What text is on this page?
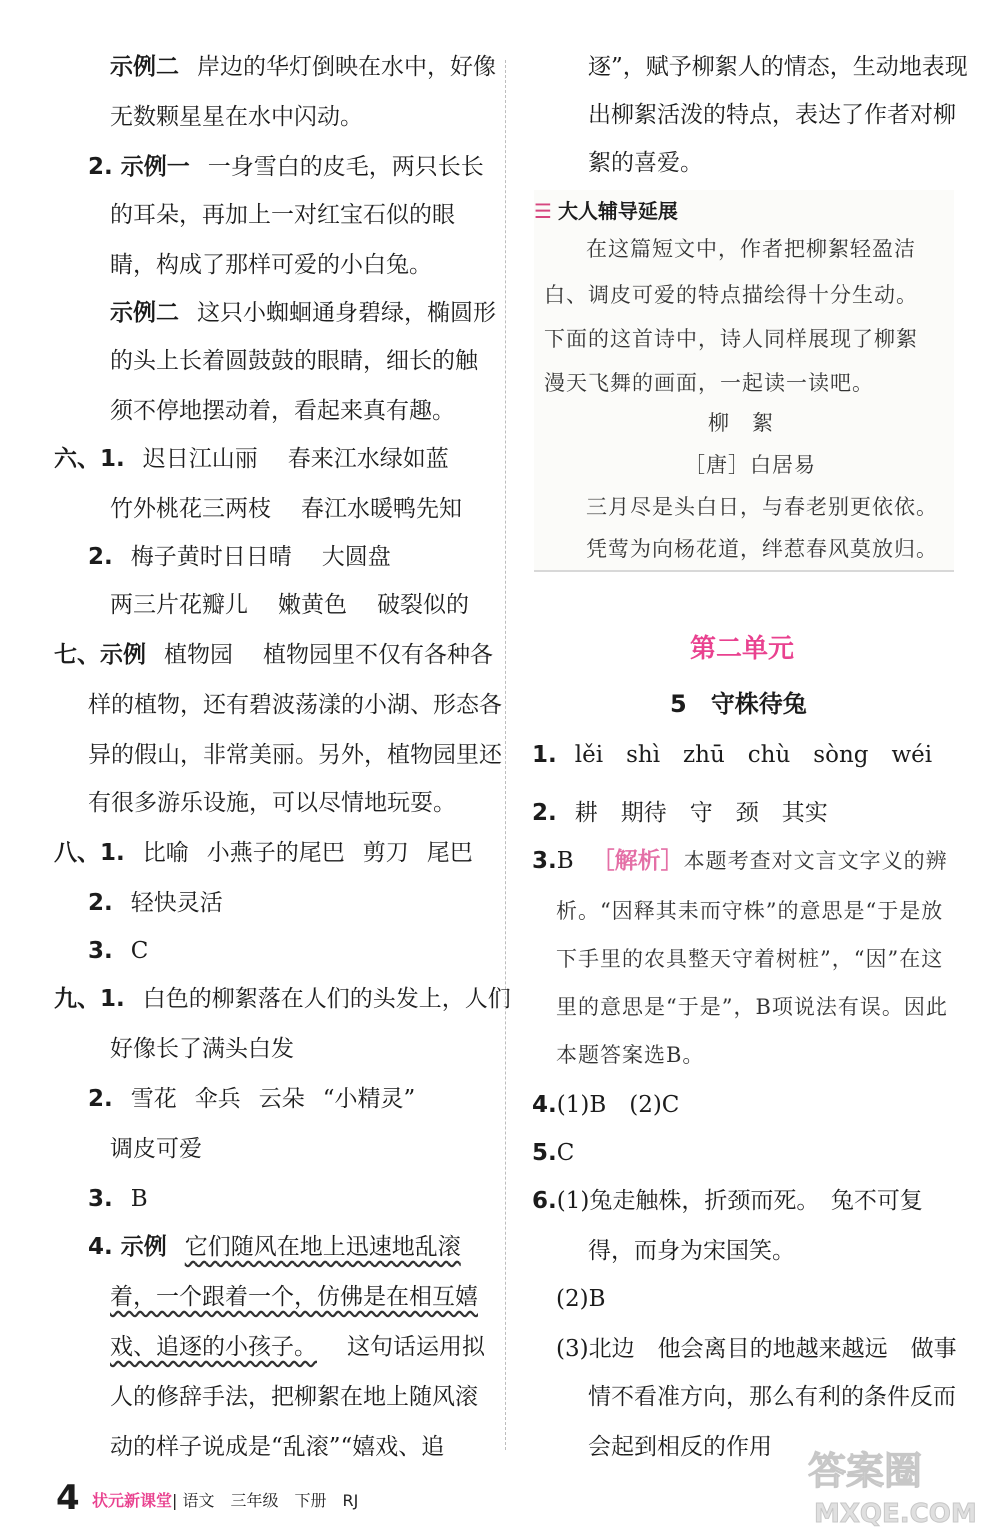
示例二 岸边的华灯倒映在水中，好像
无数颗星星在水中闪动。
2. 示例一 一身雪白的皮毛，两只长长
的耳朵，再加上一对红宝石似的眼
睛，构成了那样可爱的小白兔。
示例二 这只小蜘蛔通身碧绿，椭圆形
的头上长着圆鼓鼓的眼睛，细长的触
须不停地摆动着，看起来真有趣。
六、1. 迟日江山丽 春来江水绿如蓝
竹外桃花三两枝 春江水暖鸭先知
2. 梅子黄时日日晴 大圆盘
两三片花瓣儿 嫩黄色 破裂似的
七、示例 植物园 植物园里不仅有各种各
样的植物，还有碧波荡漾的小湖、形态各
异的假山，非常美丽。另外，植物园里还
有很多游乐设施，可以尽情地玩耍。
八、1. 比喻 小燕子的尾巴 剪刀 尾巴
2. 轻快灵活
3. C
九、1. 白色的柳絮落在人们的头发上，人们
好像长了满头白发
2. 雪花 伞兵 云朵 “小精灵”
调皮可爱
3. B
4. 示例 它们随风在地上迅速地乱滚
着，一个跟着一个，仿佛是在相互嬉
戏、追逐的小孩子。 这句话运用拟
人的修辞手法，把柳絮在地上随风滚
动的样子说成是“乱滚”“嬉戏、追
逐”，赋予柳絮人的情态，生动地表现
出柳絮活泼的特点，表达了作者对柳
絮的喜爱。
☰ 大人辅导延展
在这篇短文中，作者把柳絮轻盈洁
白、调皮可爱的特点描绘得十分生动。
下面的这首诗中，诗人同样展现了柳絮
漫天飞舞的画面，一起读一读吧。
柳　絮
［唐］白居易
三月尽是头白日，与春老别更依依。
凭莺为向杨花道，绊惹春风莫放归。
第二单元
5　守株待兔
1. lěi　shì　zhū　chù　sòng　wéi
2. 耕　期待　守　颈　其实
3.B ［解析］本题考查对文言文字义的辨
析。“因释其耒而守株”的意思是“于是放
下手里的农具整天守着树桩”，“因”在这
里的意思是“于是”，B项说法有误。因此
本题答案选B。
4.(1)B　(2)C
5.C
6.(1)兔走触株，折颈而死。　兔不可复
得，而身为宋国笑。
(2)B
(3)北边　他会离目的地越来越远　做事
情不看准方向，那么有利的条件反而
会起到相反的作用
4 状元新课堂| 语文　三年级　下册　RJ
答案圈
MXQE.COM
